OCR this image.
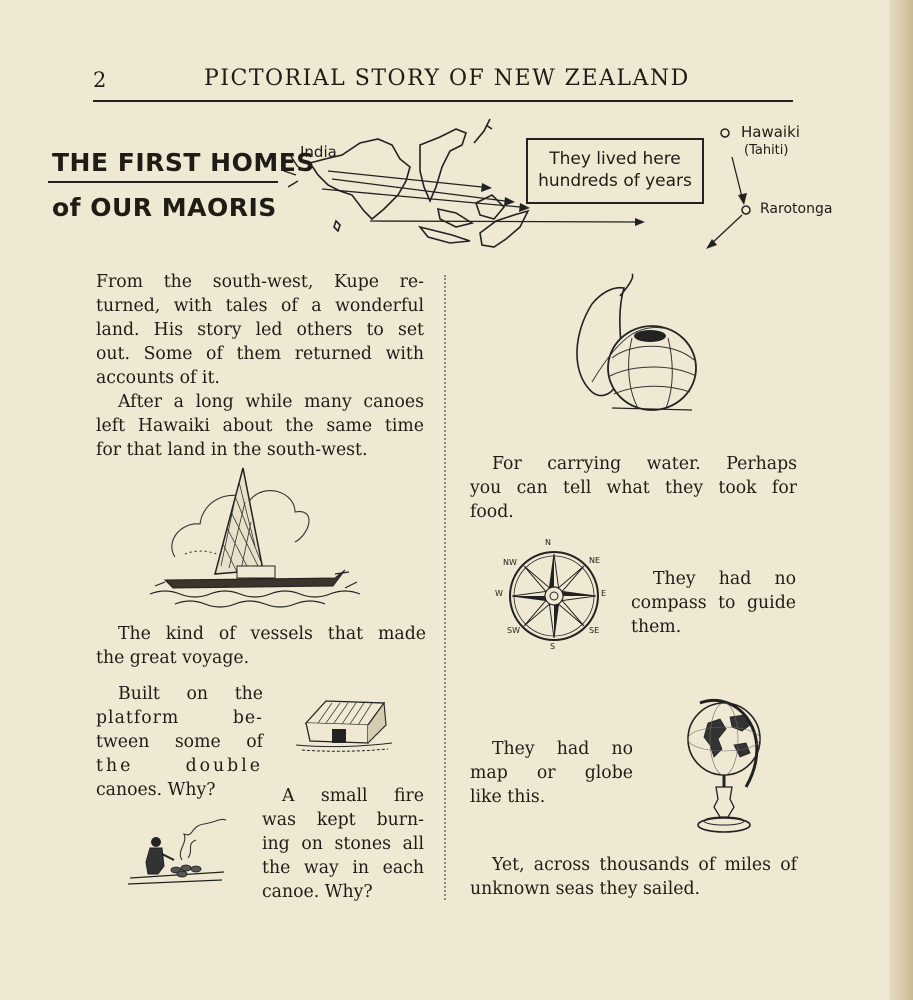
2	PICTORIAL STORY OF NEW ZEALAND
THE FIRST HOMES
of OUR MAORIS
India	They lived here
hundreds of years
Hawaiki
(Tahiti)
Rarotonga
From the south-west, Kupe re-
turned, with tales of a wonderful
land. His story led others to set
out. Some of them returned with
accounts of it.
After a long while many canoes
left Hawaiki about the same time
for that land in the south-west.
The kind of vessels that made
the great voyage.
Built on the
platform be-
tween some of
the double
canoes. Why?	A small fire
was kept burn-
ing on stones all
the way in each
canoe. Why?
For carrying water. Perhaps
you can tell what they took for
food.
N
NE
E
SE
S
SW
W
NW
They had no
compass to guide
them.
They had no
map or globe
like this.
Yet, across thousands of miles of
unknown seas they sailed.
